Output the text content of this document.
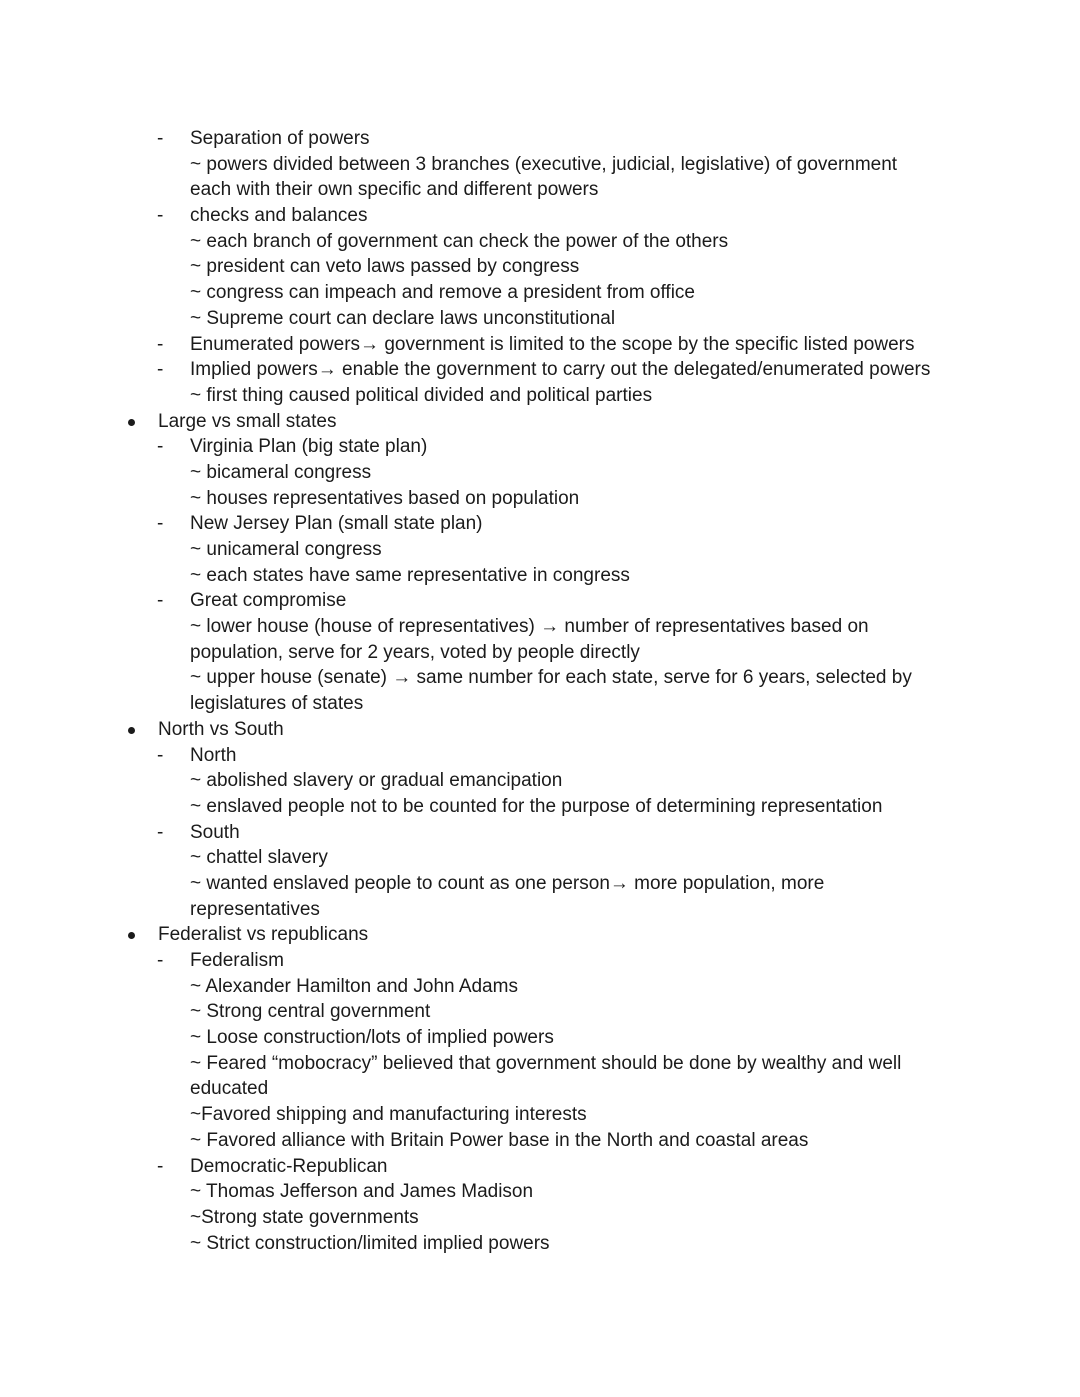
- Separation of powers
~ powers divided between 3 branches (executive, judicial, legislative) of government
each with their own specific and different powers
- checks and balances
~ each branch of government can check the power of the others
~ president can veto laws passed by congress
~ congress can impeach and remove a president from office
~ Supreme court can declare laws unconstitutional
- Enumerated powers→ government is limited to the scope by the specific listed powers
- Implied powers→ enable the government to carry out the delegated/enumerated powers
~ first thing caused political divided and political parties
Large vs small states
- Virginia Plan (big state plan)
~ bicameral congress
~ houses representatives based on population
- New Jersey Plan (small state plan)
~ unicameral congress
~ each states have same representative in congress
- Great compromise
~ lower house (house of representatives) → number of representatives based on
population, serve for 2 years, voted by people directly
~ upper house (senate) → same number for each state, serve for 6 years, selected by
legislatures of states
North vs South
- North
~ abolished slavery or gradual emancipation
~ enslaved people not to be counted for the purpose of determining representation
- South
~ chattel slavery
~ wanted enslaved people to count as one person→ more population, more
representatives
Federalist vs republicans
- Federalism
~ Alexander Hamilton and John Adams
~ Strong central government
~ Loose construction/lots of implied powers
~ Feared “mobocracy” believed that government should be done by wealthy and well
educated
~Favored shipping and manufacturing interests
~ Favored alliance with Britain Power base in the North and coastal areas
- Democratic-Republican
~ Thomas Jefferson and James Madison
~Strong state governments
~ Strict construction/limited implied powers
